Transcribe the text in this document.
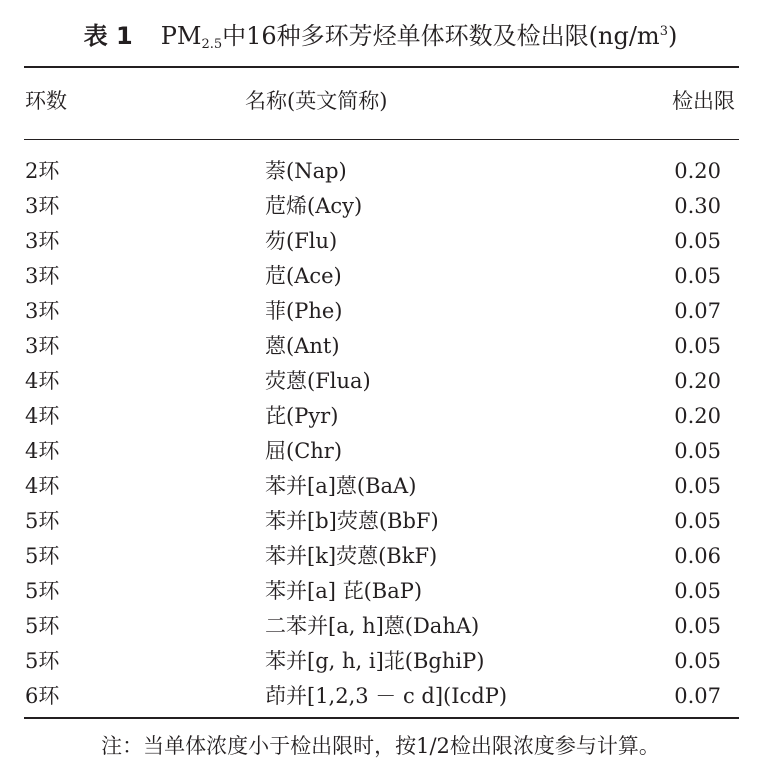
表 1 $PM_{2.5}$中16种多环芳烃单体环数及检出限$(ng/m^3)$
环数	名称(英文简称)	检出限
2环	萘(Nap)	0.20
3环	苊烯(Acy)	0.30
3环	芴(Flu)	0.05
3环	苊(Ace)	0.05
3环	菲(Phe)	0.07
3环	蒽(Ant)	0.05
4环	荧蒽(Flua)	0.20
4环	芘(Pyr)	0.20
4环	屈(Chr)	0.05
4环	苯并[a]蒽(BaA)	0.05
5环	苯并[b]荧蒽(BbF)	0.05
5环	苯并[k]荧蒽(BkF)	0.06
5环	苯并[a] 芘(BaP)	0.05
5环	二苯并[a, h]蒽(DahA)	0.05
5环	苯并[g, h, i]苝(BghiP)	0.05
6环	茚并[1,2,3 － c d](IcdP)	0.07
注：当单体浓度小于检出限时，按1/2检出限浓度参与计算。
